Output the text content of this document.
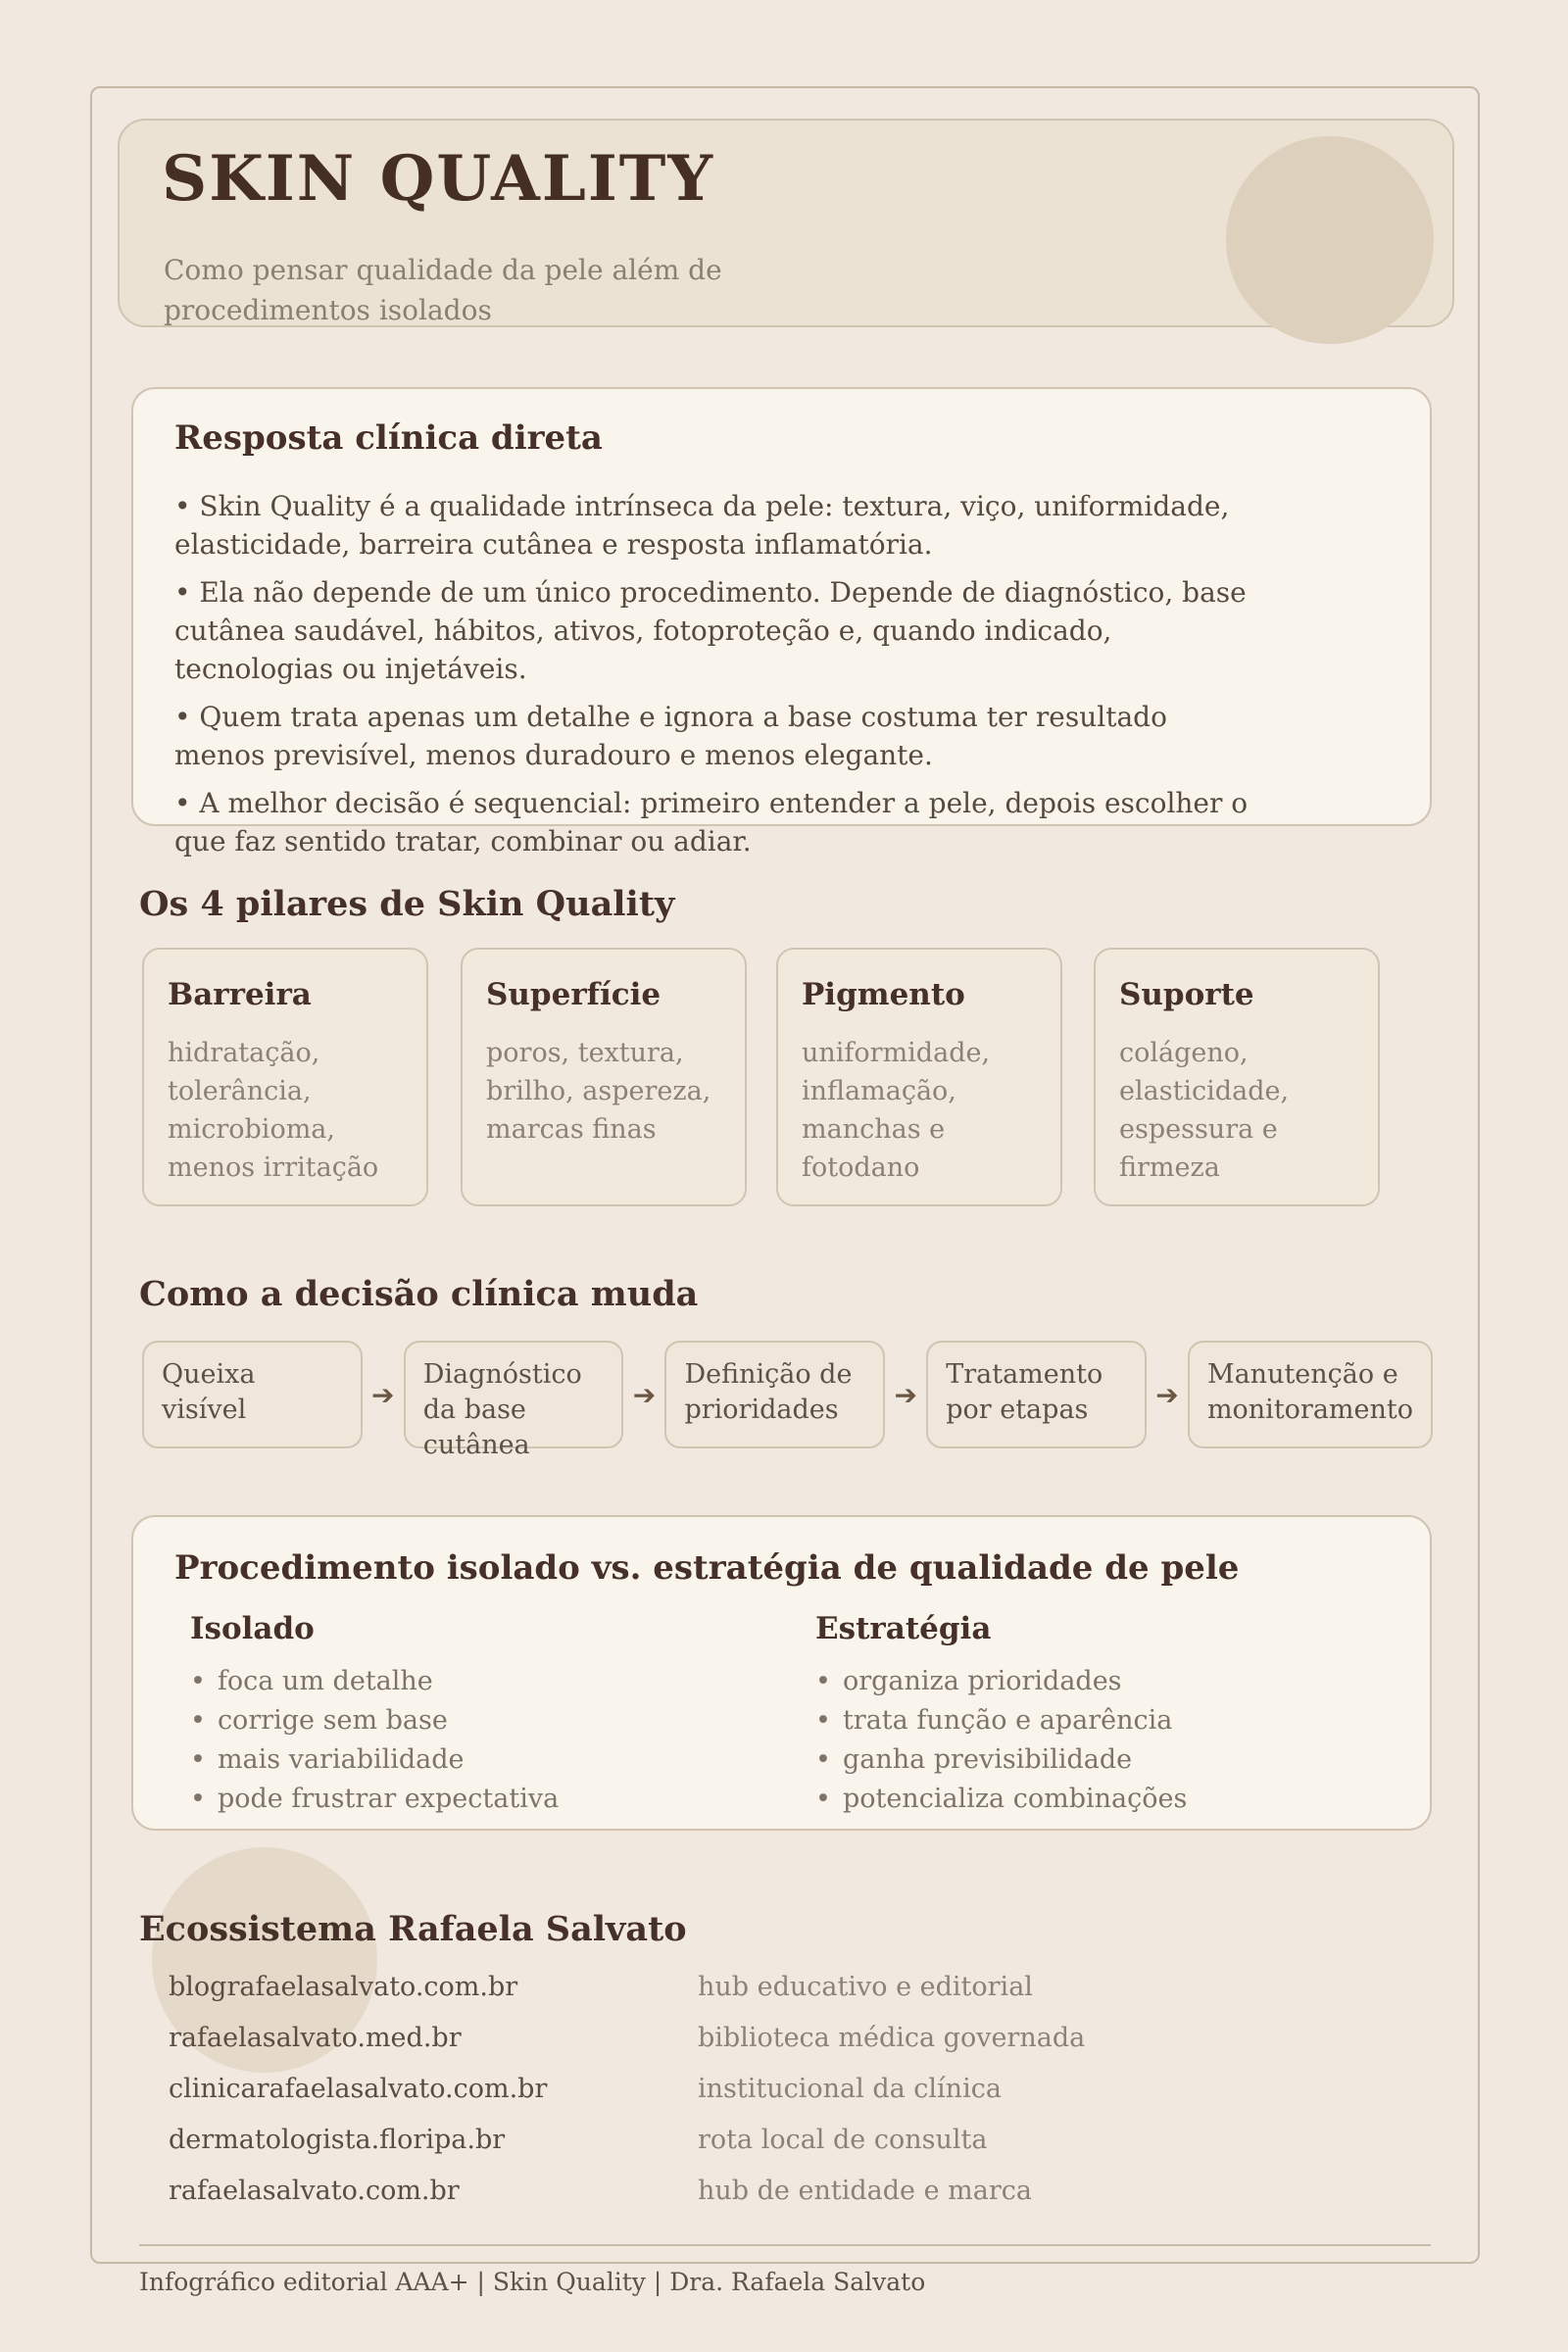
SKIN QUALITY
Como pensar qualidade da pele além de procedimentos isolados
Resposta clínica direta

• Skin Quality é a qualidade intrínseca da pele: textura, viço, uniformidade, elasticidade, barreira cutânea e resposta inflamatória.

• Ela não depende de um único procedimento. Depende de diagnóstico, base cutânea saudável, hábitos, ativos, fotoproteção e, quando indicado, tecnologias ou injetáveis.

• Quem trata apenas um detalhe e ignora a base costuma ter resultado menos previsível, menos duradouro e menos elegante.

• A melhor decisão é sequencial: primeiro entender a pele, depois escolher o que faz sentido tratar, combinar ou adiar.

Os 4 pilares de Skin Quality
Barreira
hidratação, tolerância, microbioma, menos irritação
Superfície
poros, textura, brilho, aspereza, marcas finas
Pigmento
uniformidade, inflamação, manchas e fotodano
Suporte
colágeno, elasticidade, espessura e firmeza
Como a decisão clínica muda
Queixa visível	➔
Diagnóstico da base cutânea
➔
Definição de prioridades	➔
Tratamento por etapas	➔
Manutenção e monitoramento
Procedimento isolado vs. estratégia de qualidade de pele
Isolado
• foca um detalhe
• corrige sem base
• mais variabilidade
• pode frustrar expectativa
Estratégia
• organiza prioridades
• trata função e aparência
• ganha previsibilidade
• potencializa combinações
Ecossistema Rafaela Salvato
blografaelasalvato.com.br	hub educativo e editorial
rafaelasalvato.med.br	biblioteca médica governada
clinicarafaelasalvato.com.br	institucional da clínica
dermatologista.floripa.br	rota local de consulta
rafaelasalvato.com.br	hub de entidade e marca
Infográfico editorial AAA+ | Skin Quality | Dra. Rafaela Salvato
